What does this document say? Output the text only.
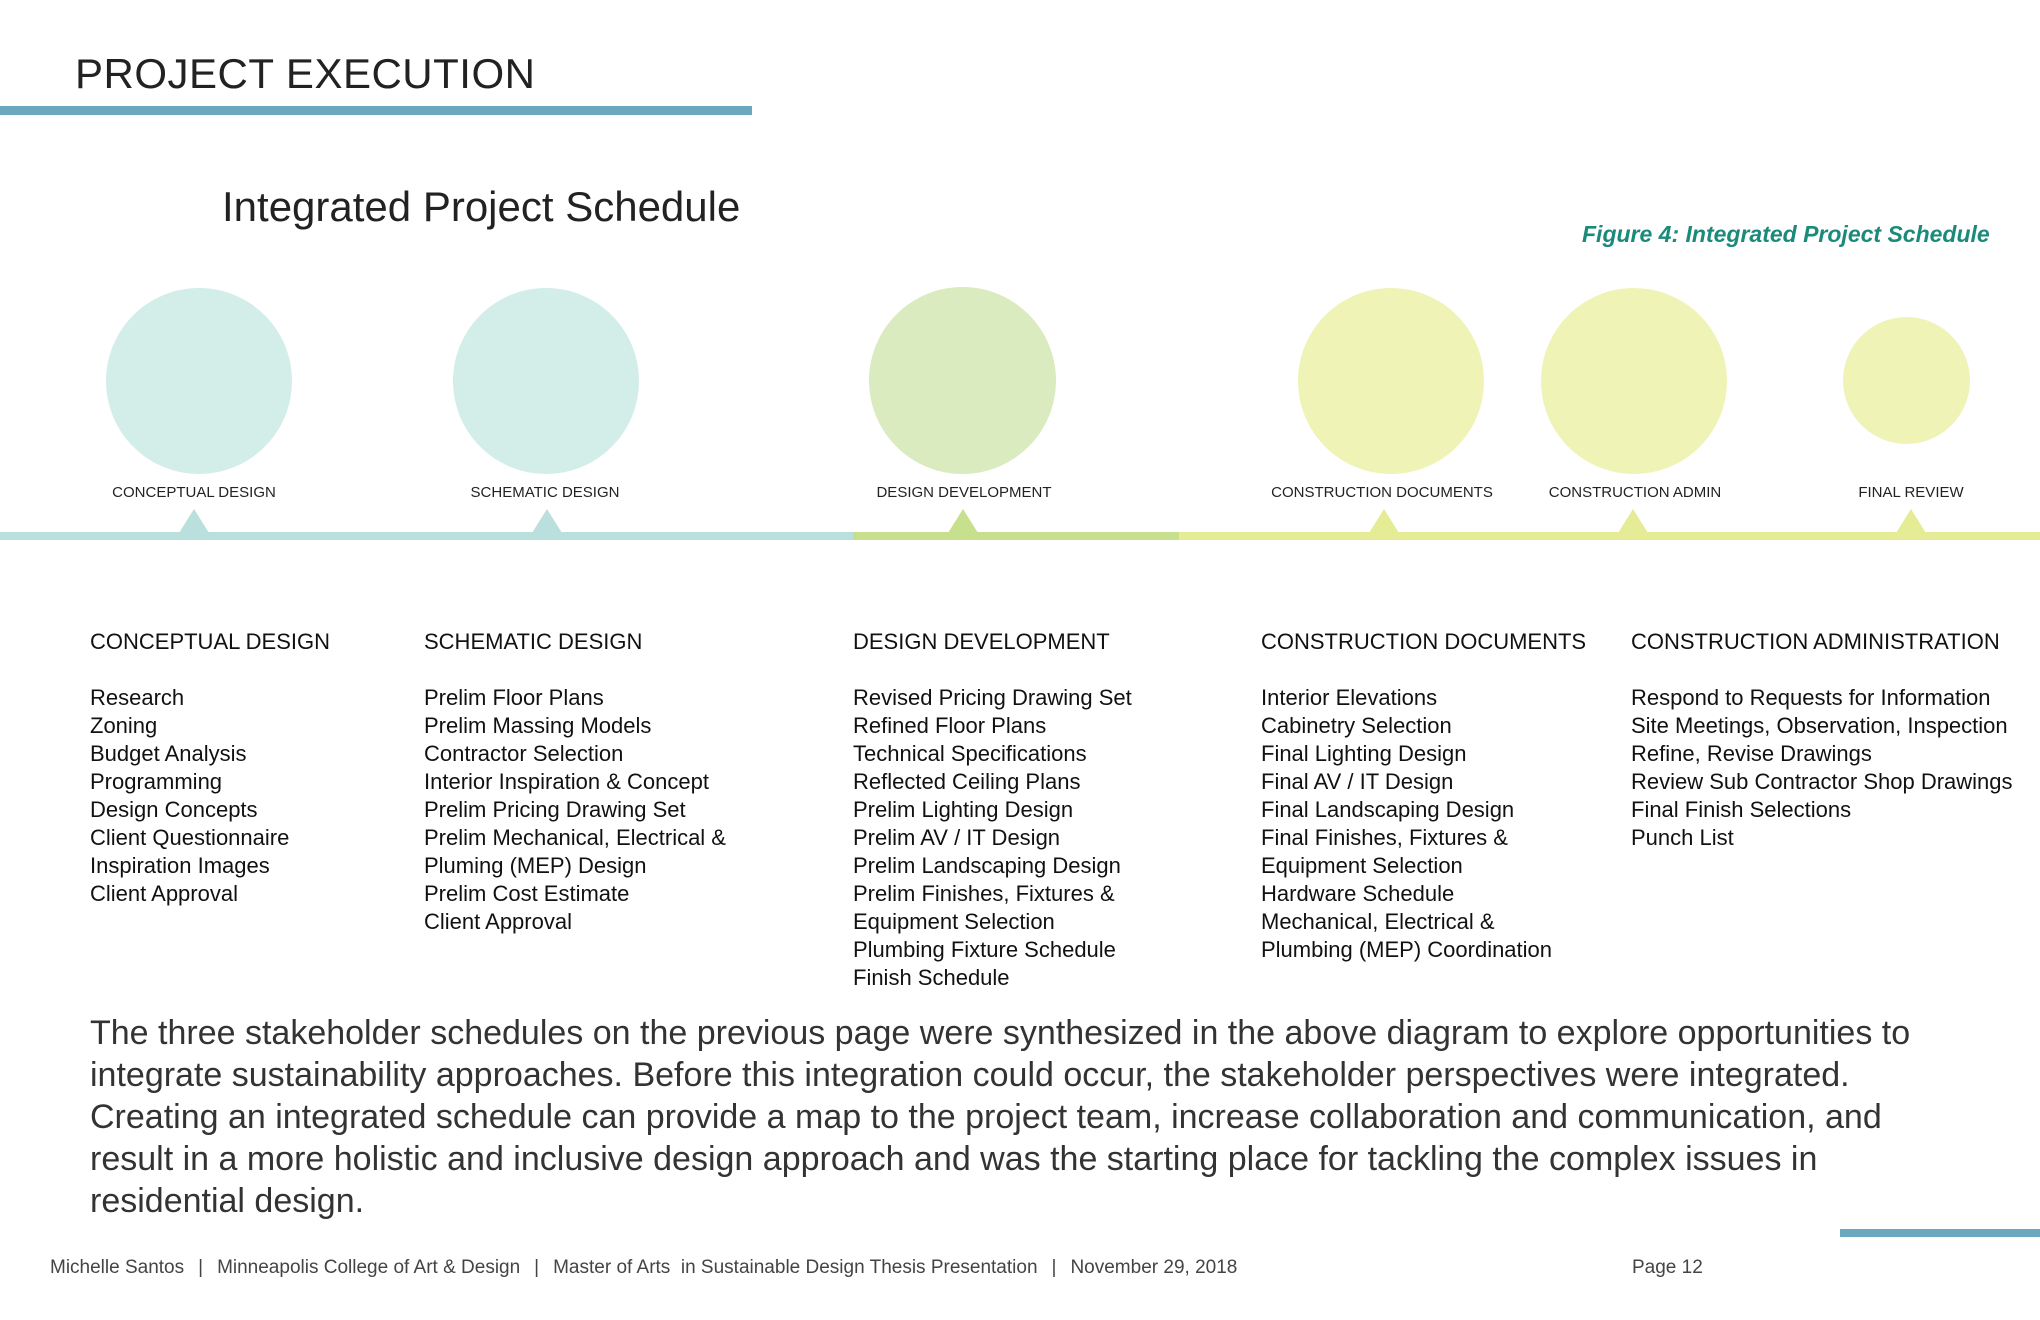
PROJECT EXECUTION
Integrated Project Schedule
Figure 4: Integrated Project Schedule
CONCEPTUAL DESIGN	SCHEMATIC DESIGN	DESIGN DEVELOPMENT	CONSTRUCTION DOCUMENTS	CONSTRUCTION ADMIN	FINAL REVIEW
CONCEPTUAL DESIGN
Research
Zoning
Budget Analysis
Programming
Design Concepts
Client Questionnaire
Inspiration Images
Client Approval
SCHEMATIC DESIGN
Prelim Floor Plans
Prelim Massing Models
Contractor Selection
Interior Inspiration & Concept
Prelim Pricing Drawing Set
Prelim Mechanical, Electrical &
Pluming (MEP) Design
Prelim Cost Estimate
Client Approval
DESIGN DEVELOPMENT
Revised Pricing Drawing Set
Refined Floor Plans
Technical Specifications
Reflected Ceiling Plans
Prelim Lighting Design
Prelim AV / IT Design
Prelim Landscaping Design
Prelim Finishes, Fixtures &
Equipment Selection
Plumbing Fixture Schedule
Finish Schedule
CONSTRUCTION DOCUMENTS
Interior Elevations
Cabinetry Selection
Final Lighting Design
Final AV / IT Design
Final Landscaping Design
Final Finishes, Fixtures &
Equipment Selection
Hardware Schedule
Mechanical, Electrical &
Plumbing (MEP) Coordination
CONSTRUCTION ADMINISTRATION
Respond to Requests for Information
Site Meetings, Observation, Inspection
Refine, Revise Drawings
Review Sub Contractor Shop Drawings
Final Finish Selections
Punch List
The three stakeholder schedules on the previous page were synthesized in the above diagram to explore opportunities to integrate sustainability approaches. Before this integration could occur, the stakeholder perspectives were integrated. Creating an integrated schedule can provide a map to the project team, increase collaboration and communication, and result in a more holistic and inclusive design approach and was the starting place for tackling the complex issues in residential design.
Michelle Santos | Minneapolis College of Art & Design | Master of Arts  in Sustainable Design Thesis Presentation | November 29, 2018	Page 12
